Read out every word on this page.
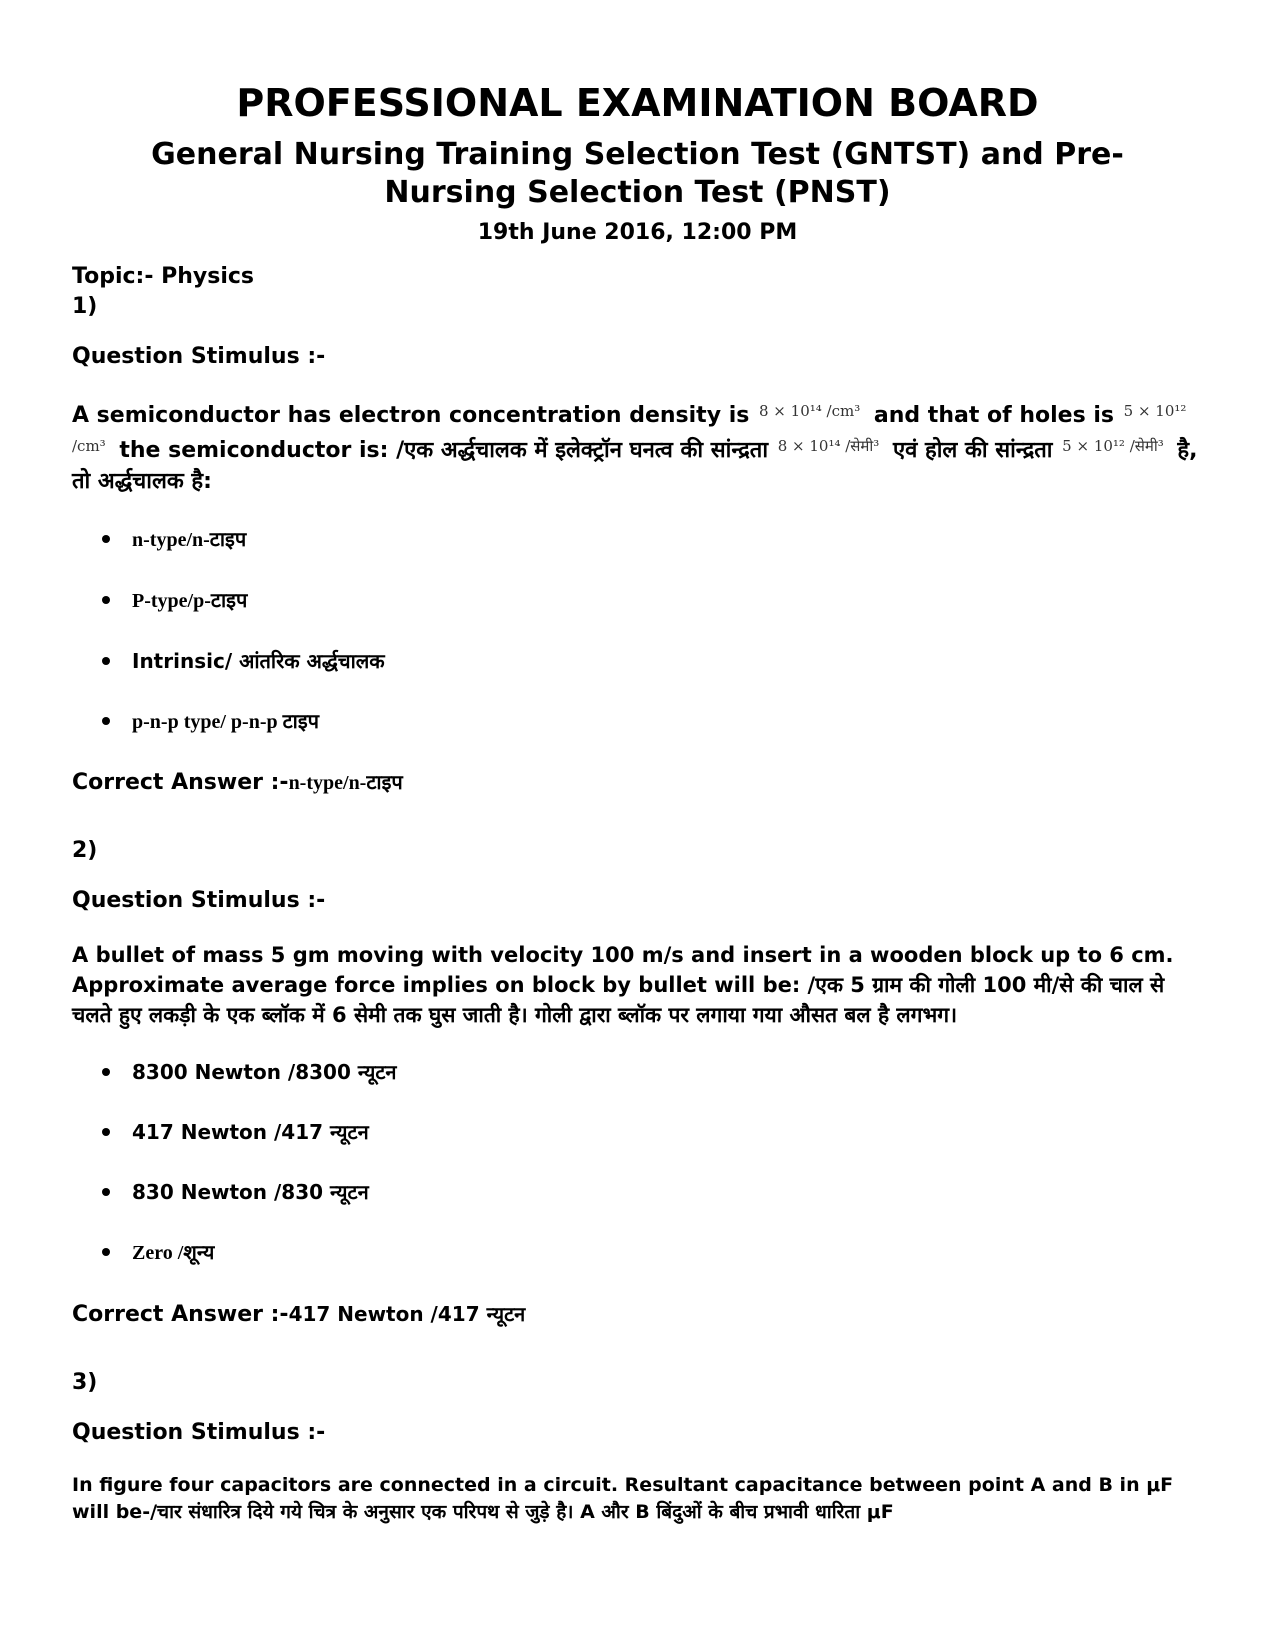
PROFESSIONAL EXAMINATION BOARD
General Nursing Training Selection Test (GNTST) and Pre-Nursing Selection Test (PNST)
19th June 2016, 12:00 PM
Topic:- Physics
1)
Question Stimulus :-
A semiconductor has electron concentration density is $^{8 \times 10^{14} /cm^3}$ and that of holes is $^{5 \times 10^{12} /cm^3}$ the semiconductor is: /एक अर्द्धचालक में इलेक्ट्रॉन घनत्व की सांन्द्रता $^{8 \times 10^{14} /सेमी^3}$ एवं होल की सांन्द्रता $^{5 \times 10^{12} /सेमी^3}$ है, तो अर्द्धचालक है:
n-type/n-टाइप
P-type/p-टाइप
Intrinsic/ आंतरिक अर्द्धचालक
p-n-p type/ p-n-p टाइप
Correct Answer :-n-type/n-टाइप
2)
Question Stimulus :-
A bullet of mass 5 gm moving with velocity 100 m/s and insert in a wooden block up to 6 cm. Approximate average force implies on block by bullet will be: /एक 5 ग्राम की गोली 100 मी/से की चाल से चलते हुए लकड़ी के एक ब्लॉक में 6 सेमी तक घुस जाती है। गोली द्वारा ब्लॉक पर लगाया गया औसत बल है लगभग।
8300 Newton /8300 न्यूटन
417 Newton /417 न्यूटन
830 Newton /830 न्यूटन
Zero /शून्य
Correct Answer :-417 Newton /417 न्यूटन
3)
Question Stimulus :-
In figure four capacitors are connected in a circuit. Resultant capacitance between point A and B in μF will be-/चार संधारित्र दिये गये चित्र के अनुसार एक परिपथ से जुड़े है। A और B बिंदुओं के बीच प्रभावी धारिता μF
